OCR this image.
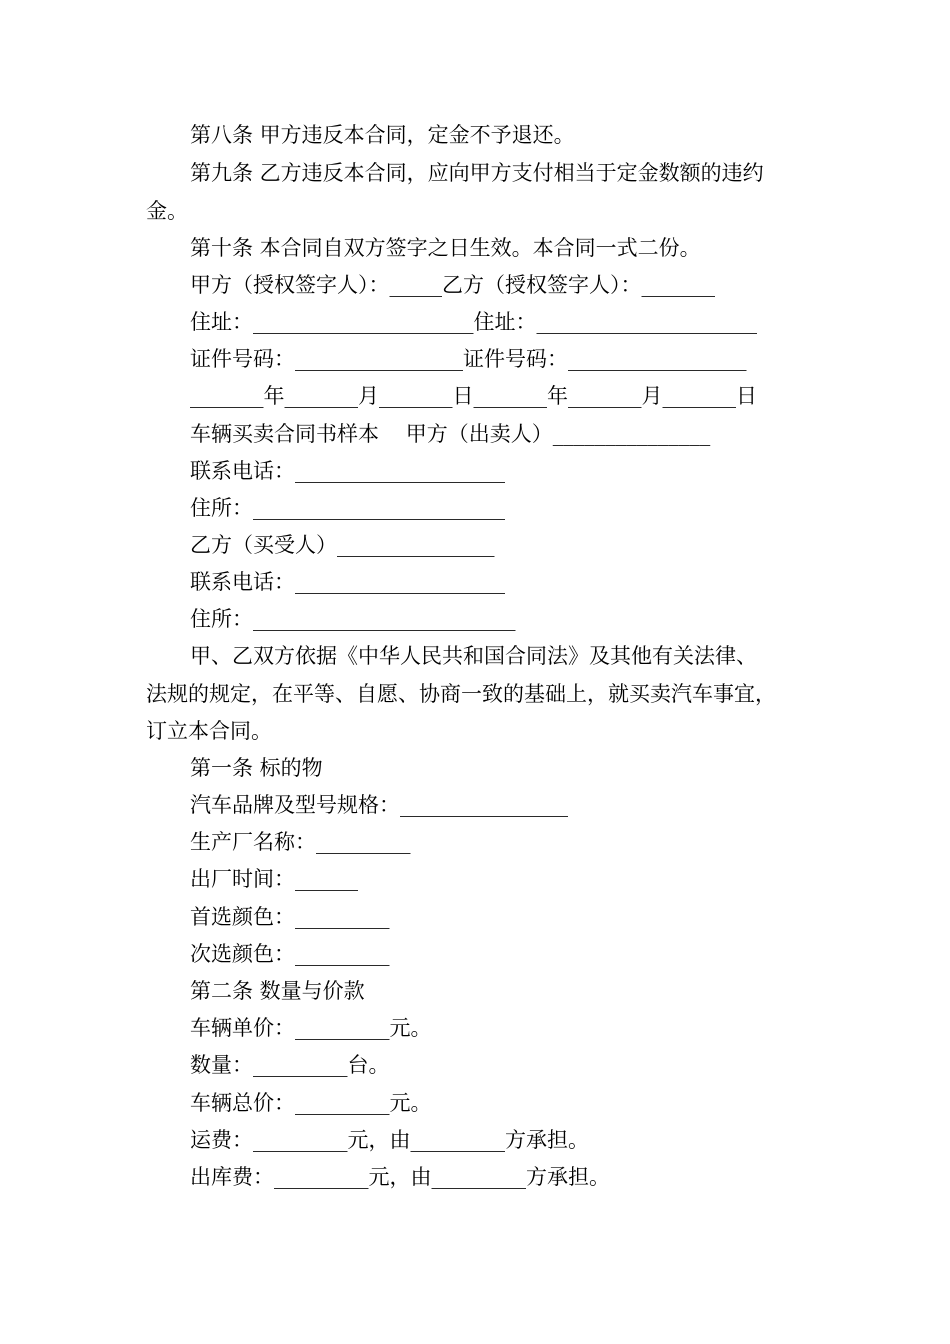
第八条 甲方违反本合同，定金不予退还。
第九条 乙方违反本合同，应向甲方支付相当于定金数额的违约
金。
第十条 本合同自双方签字之日生效。本合同一式二份。
甲方（授权签字人）：_____乙方（授权签字人）：_______
住址：_____________________住址：_____________________
证件号码：________________证件号码：_________________
_______年_______月_______日_______年_______月_______日
车辆买卖合同书样本    甲方（出卖人）_______________
联系电话：____________________
住所：________________________
乙方（买受人）_______________
联系电话：____________________
住所：_________________________
甲、乙双方依据《中华人民共和国合同法》及其他有关法律、
法规的规定，在平等、自愿、协商一致的基础上，就买卖汽车事宜，
订立本合同。
第一条 标的物
汽车品牌及型号规格：________________
生产厂名称：_________
出厂时间：______
首选颜色：_________
次选颜色：_________
第二条 数量与价款
车辆单价：_________元。
数量：_________台。
车辆总价：_________元。
运费：_________元，由_________方承担。
出库费：_________元，由_________方承担。
